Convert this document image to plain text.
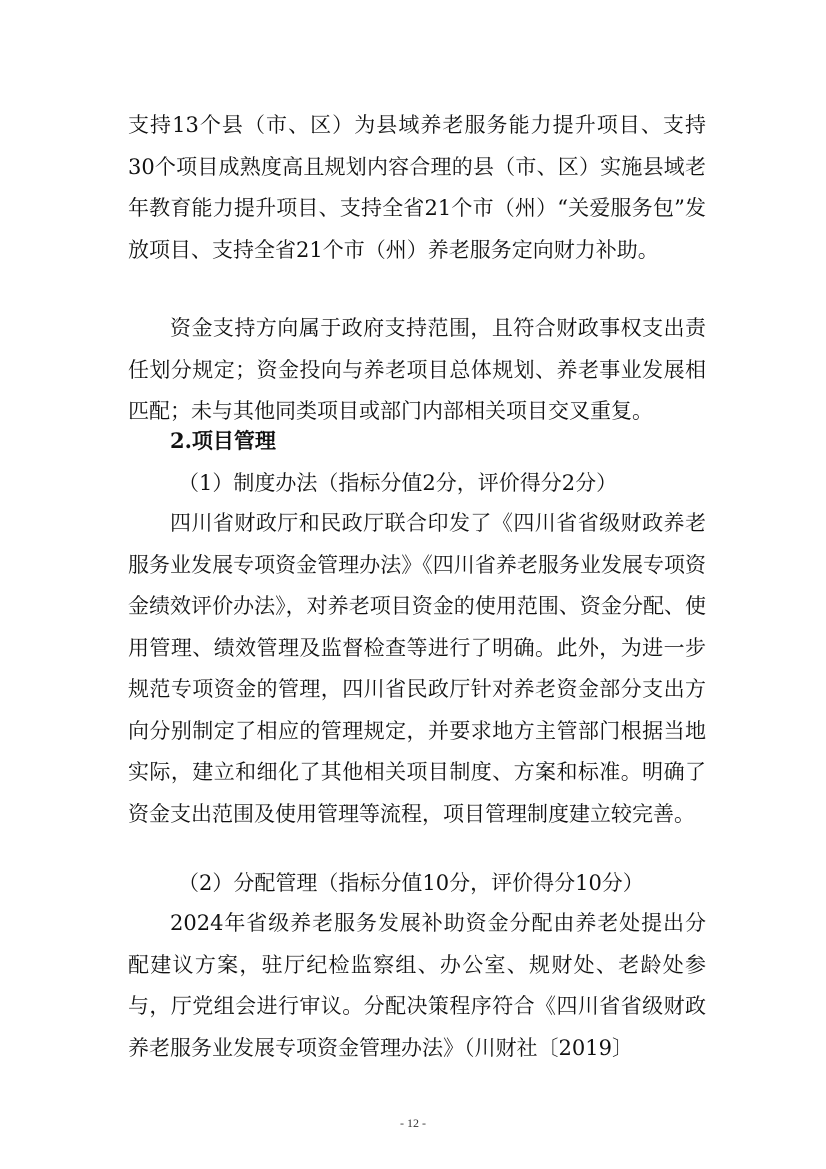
支持13个县（市、区）为县域养老服务能力提升项目、支持30个项目成熟度高且规划内容合理的县（市、区）实施县域老年教育能力提升项目、支持全省21个市（州）“关爱服务包”发放项目、支持全省21个市（州）养老服务定向财力补助。

资金支持方向属于政府支持范围，且符合财政事权支出责任划分规定；资金投向与养老项目总体规划、养老事业发展相匹配；未与其他同类项目或部门内部相关项目交叉重复。

2.项目管理
（1）制度办法（指标分值2分，评价得分2分）

四川省财政厅和民政厅联合印发了《四川省省级财政养老服务业发展专项资金管理办法》《四川省养老服务业发展专项资金绩效评价办法》，对养老项目资金的使用范围、资金分配、使用管理、绩效管理及监督检查等进行了明确。此外，为进一步规范专项资金的管理，四川省民政厅针对养老资金部分支出方向分别制定了相应的管理规定，并要求地方主管部门根据当地实际，建立和细化了其他相关项目制度、方案和标准。明确了资金支出范围及使用管理等流程，项目管理制度建立较完善。

（2）分配管理（指标分值10分，评价得分10分）

2024年省级养老服务发展补助资金分配由养老处提出分配建议方案，驻厅纪检监察组、办公室、规财处、老龄处参与，厅党组会进行审议。分配决策程序符合《四川省省级财政养老服务业发展专项资金管理办法》（川财社〔2019〕

- 12 -
